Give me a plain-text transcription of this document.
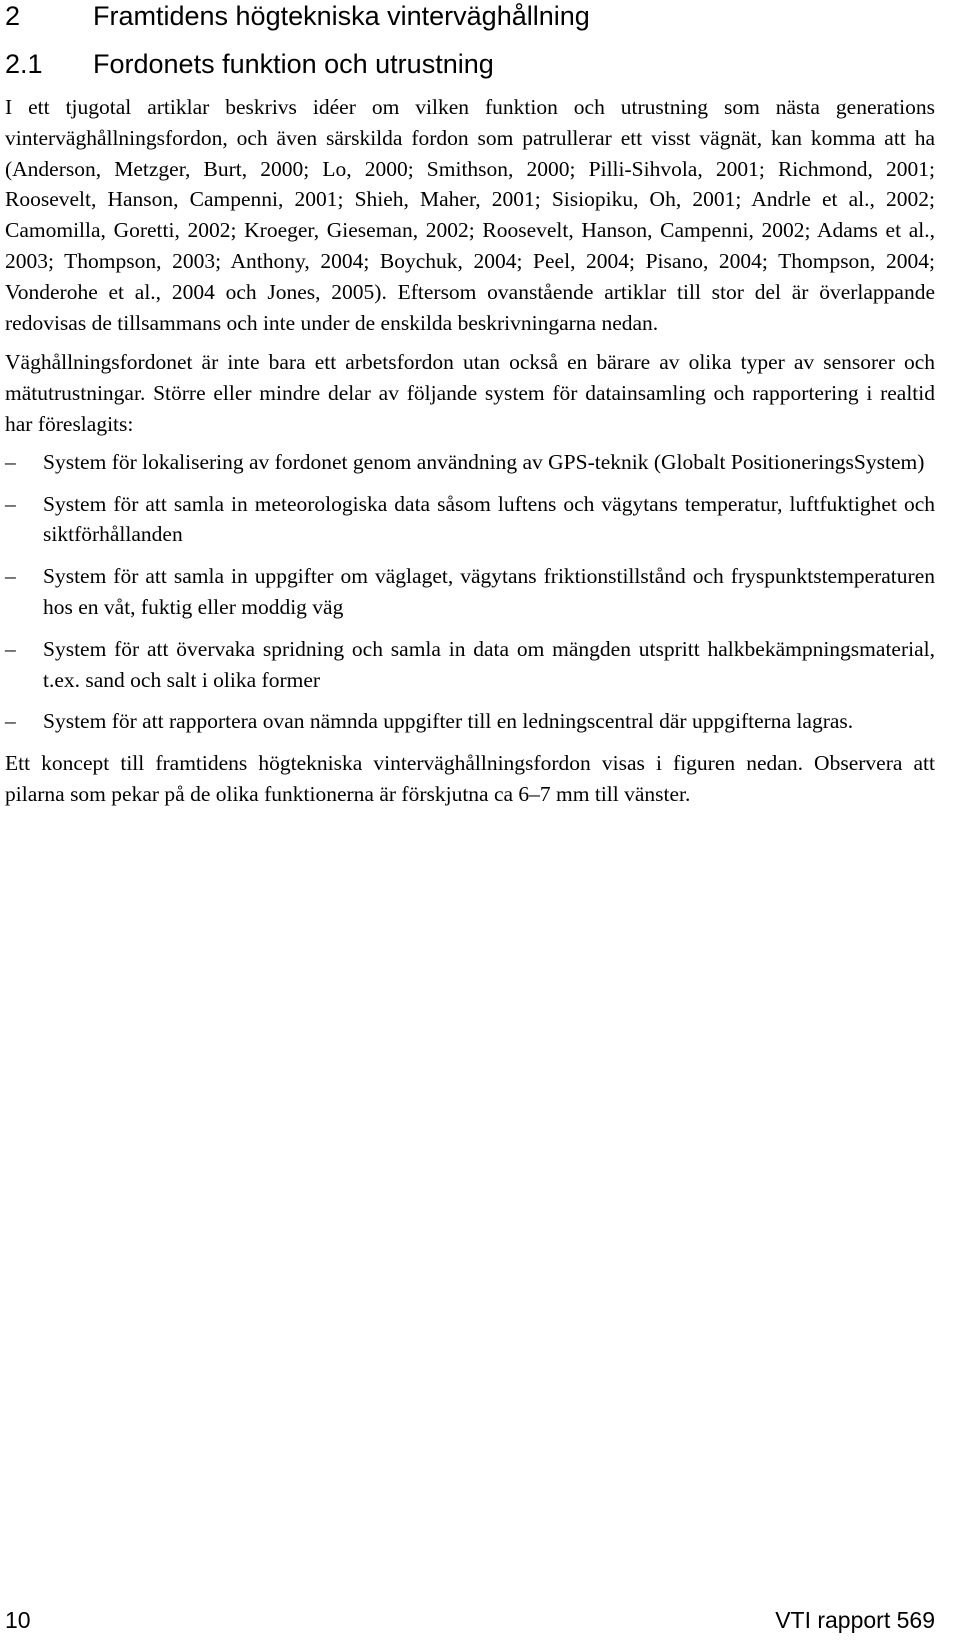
2	Framtidens högtekniska vinterväghållning
2.1 Fordonets funktion och utrustning

I ett tjugotal artiklar beskrivs idéer om vilken funktion och utrustning som nästa generations vinterväghållningsfordon, och även särskilda fordon som patrullerar ett visst vägnät, kan komma att ha (Anderson, Metzger, Burt, 2000; Lo, 2000; Smithson, 2000; Pilli-Sihvola, 2001; Richmond, 2001; Roosevelt, Hanson, Campenni, 2001; Shieh, Maher, 2001; Sisiopiku, Oh, 2001; Andrle et al., 2002; Camomilla, Goretti, 2002; Kroeger, Gieseman, 2002; Roosevelt, Hanson, Campenni, 2002; Adams et al., 2003; Thompson, 2003; Anthony, 2004; Boychuk, 2004; Peel, 2004; Pisano, 2004; Thompson, 2004; Vonderohe et al., 2004 och Jones, 2005). Eftersom ovanstående artiklar till stor del är överlappande redovisas de tillsammans och inte under de enskilda beskrivningarna nedan.

Väghållningsfordonet är inte bara ett arbetsfordon utan också en bärare av olika typer av sensorer och mätutrustningar. Större eller mindre delar av följande system för datainsamling och rapportering i realtid har föreslagits:

– System för lokalisering av fordonet genom användning av GPS-teknik (Globalt PositioneringsSystem)
– System för att samla in meteorologiska data såsom luftens och vägytans temperatur, luftfuktighet och siktförhållanden
– System för att samla in uppgifter om väglaget, vägytans friktionstillstånd och fryspunktstemperaturen hos en våt, fuktig eller moddig väg
– System för att övervaka spridning och samla in data om mängden utspritt halkbekämpningsmaterial, t.ex. sand och salt i olika former
– System för att rapportera ovan nämnda uppgifter till en ledningscentral där uppgifterna lagras.

Ett koncept till framtidens högtekniska vinterväghållningsfordon visas i figuren nedan. Observera att pilarna som pekar på de olika funktionerna är förskjutna ca 6–7 mm till vänster.

10	VTI rapport 569
